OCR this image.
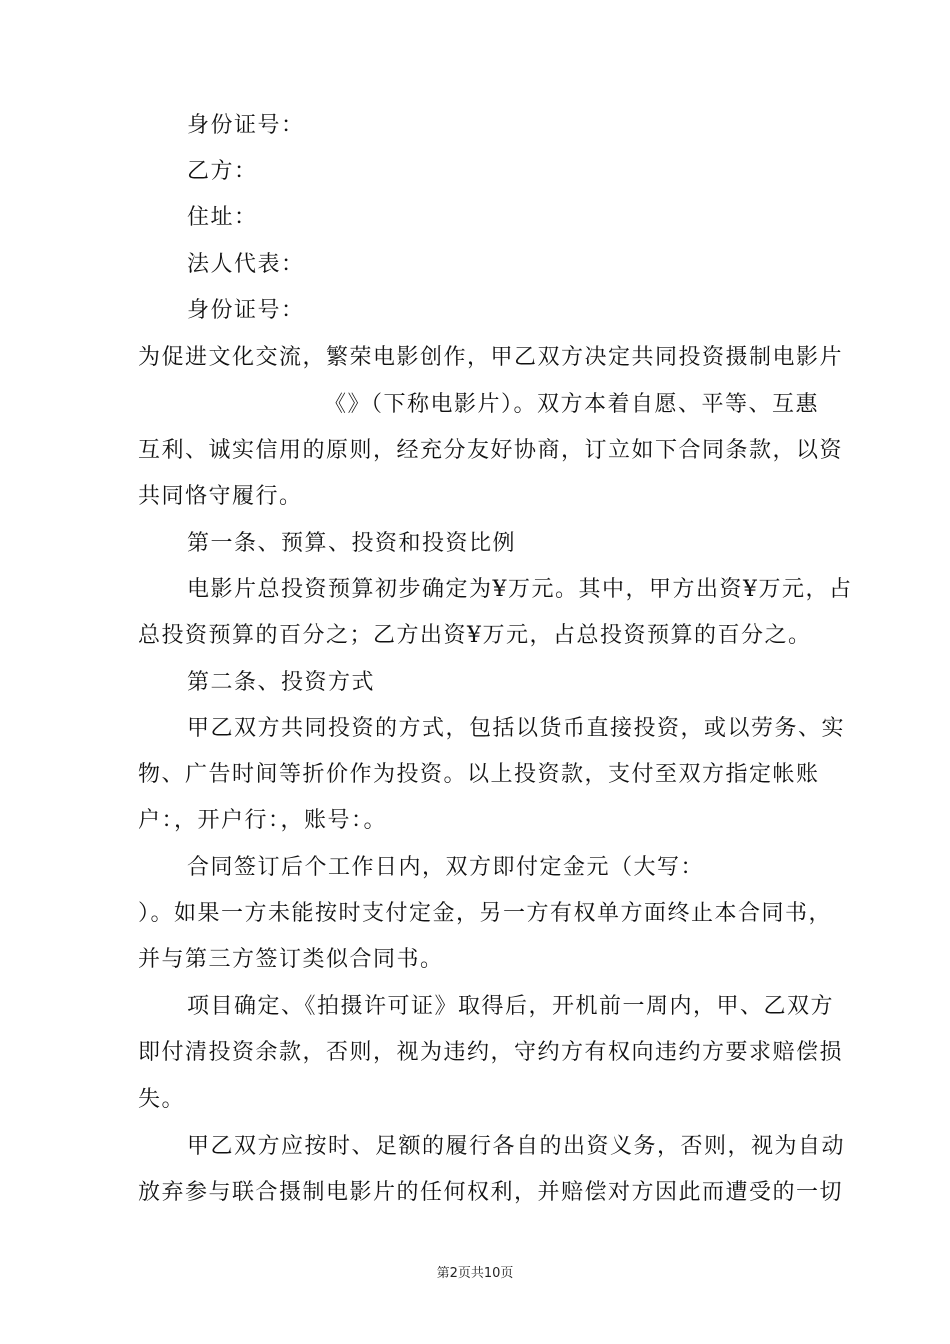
身份证号：
乙方：
住址：
法人代表：
身份证号：
为促进文化交流，繁荣电影创作，甲乙双方决定共同投资摄制电影片
《》（下称电影片）。双方本着自愿、平等、互惠
互利、诚实信用的原则，经充分友好协商，订立如下合同条款，以资
共同恪守履行。
第一条、预算、投资和投资比例
电影片总投资预算初步确定为¥万元。其中，甲方出资¥万元，占
总投资预算的百分之；乙方出资¥万元，占总投资预算的百分之。
第二条、投资方式
甲乙双方共同投资的方式，包括以货币直接投资，或以劳务、实
物、广告时间等折价作为投资。以上投资款，支付至双方指定帐账
户：，开户行：，账号：。
合同签订后个工作日内，双方即付定金元（大写：
）。如果一方未能按时支付定金，另一方有权单方面终止本合同书，
并与第三方签订类似合同书。
项目确定、《拍摄许可证》取得后，开机前一周内，甲、乙双方
即付清投资余款，否则，视为违约，守约方有权向违约方要求赔偿损
失。
甲乙双方应按时、足额的履行各自的出资义务，否则，视为自动
放弃参与联合摄制电影片的任何权利，并赔偿对方因此而遭受的一切
第2页共10页
